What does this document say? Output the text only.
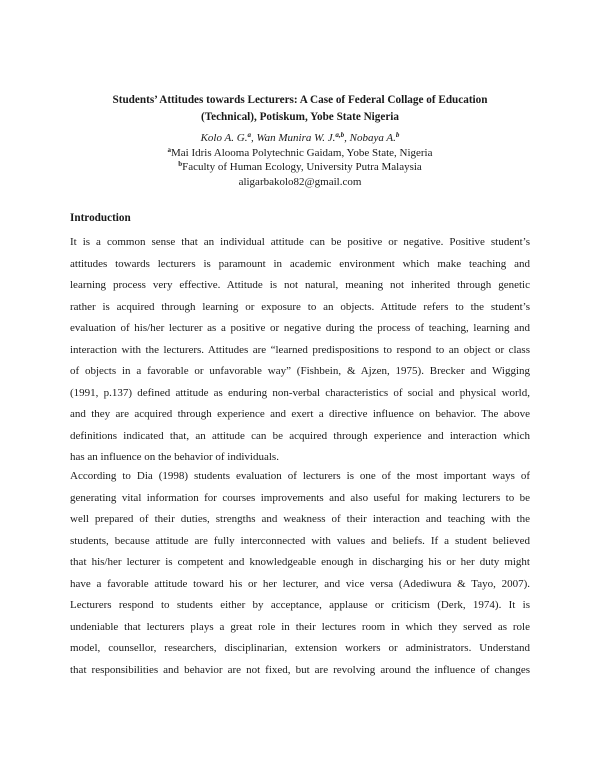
Students’ Attitudes towards Lecturers: A Case of Federal Collage of Education
(Technical), Potiskum, Yobe State Nigeria
Kolo A. G.$^a$, Wan Munira W. J.$^{a,b}$, Nobaya A.$^b$
$^a$Mai Idris Alooma Polytechnic Gaidam, Yobe State, Nigeria
$^b$Faculty of Human Ecology, University Putra Malaysia
aligarbakolo82@gmail.com
Introduction
It is a common sense that an individual attitude can be positive or negative. Positive student’s
attitudes towards lecturers is paramount in academic environment which make teaching and
learning process very effective. Attitude is not natural, meaning not inherited through genetic
rather is acquired through learning or exposure to an objects. Attitude refers to the student’s
evaluation of his/her lecturer as a positive or negative during the process of teaching, learning and
interaction with the lecturers. Attitudes are “learned predispositions to respond to an object or class
of objects in a favorable or unfavorable way” (Fishbein, & Ajzen, 1975). Brecker and Wigging
(1991, p.137) defined attitude as enduring non-verbal characteristics of social and physical world,
and they are acquired through experience and exert a directive influence on behavior. The above
definitions indicated that, an attitude can be acquired through experience and interaction which
has an influence on the behavior of individuals.
According to Dia (1998) students evaluation of lecturers is one of the most important ways of
generating vital information for courses improvements and also useful for making lecturers to be
well prepared of their duties, strengths and weakness of their interaction and teaching with the
students, because attitude are fully interconnected with values and beliefs. If a student believed
that his/her lecturer is competent and knowledgeable enough in discharging his or her duty might
have a favorable attitude toward his or her lecturer, and vice versa (Adediwura & Tayo, 2007).
Lecturers respond to students either by acceptance, applause or criticism (Derk, 1974). It is
undeniable that lecturers plays a great role in their lectures room in which they served as role
model, counsellor, researchers, disciplinarian, extension workers or administrators. Understand
that responsibilities and behavior are not fixed, but are revolving around the influence of changes
